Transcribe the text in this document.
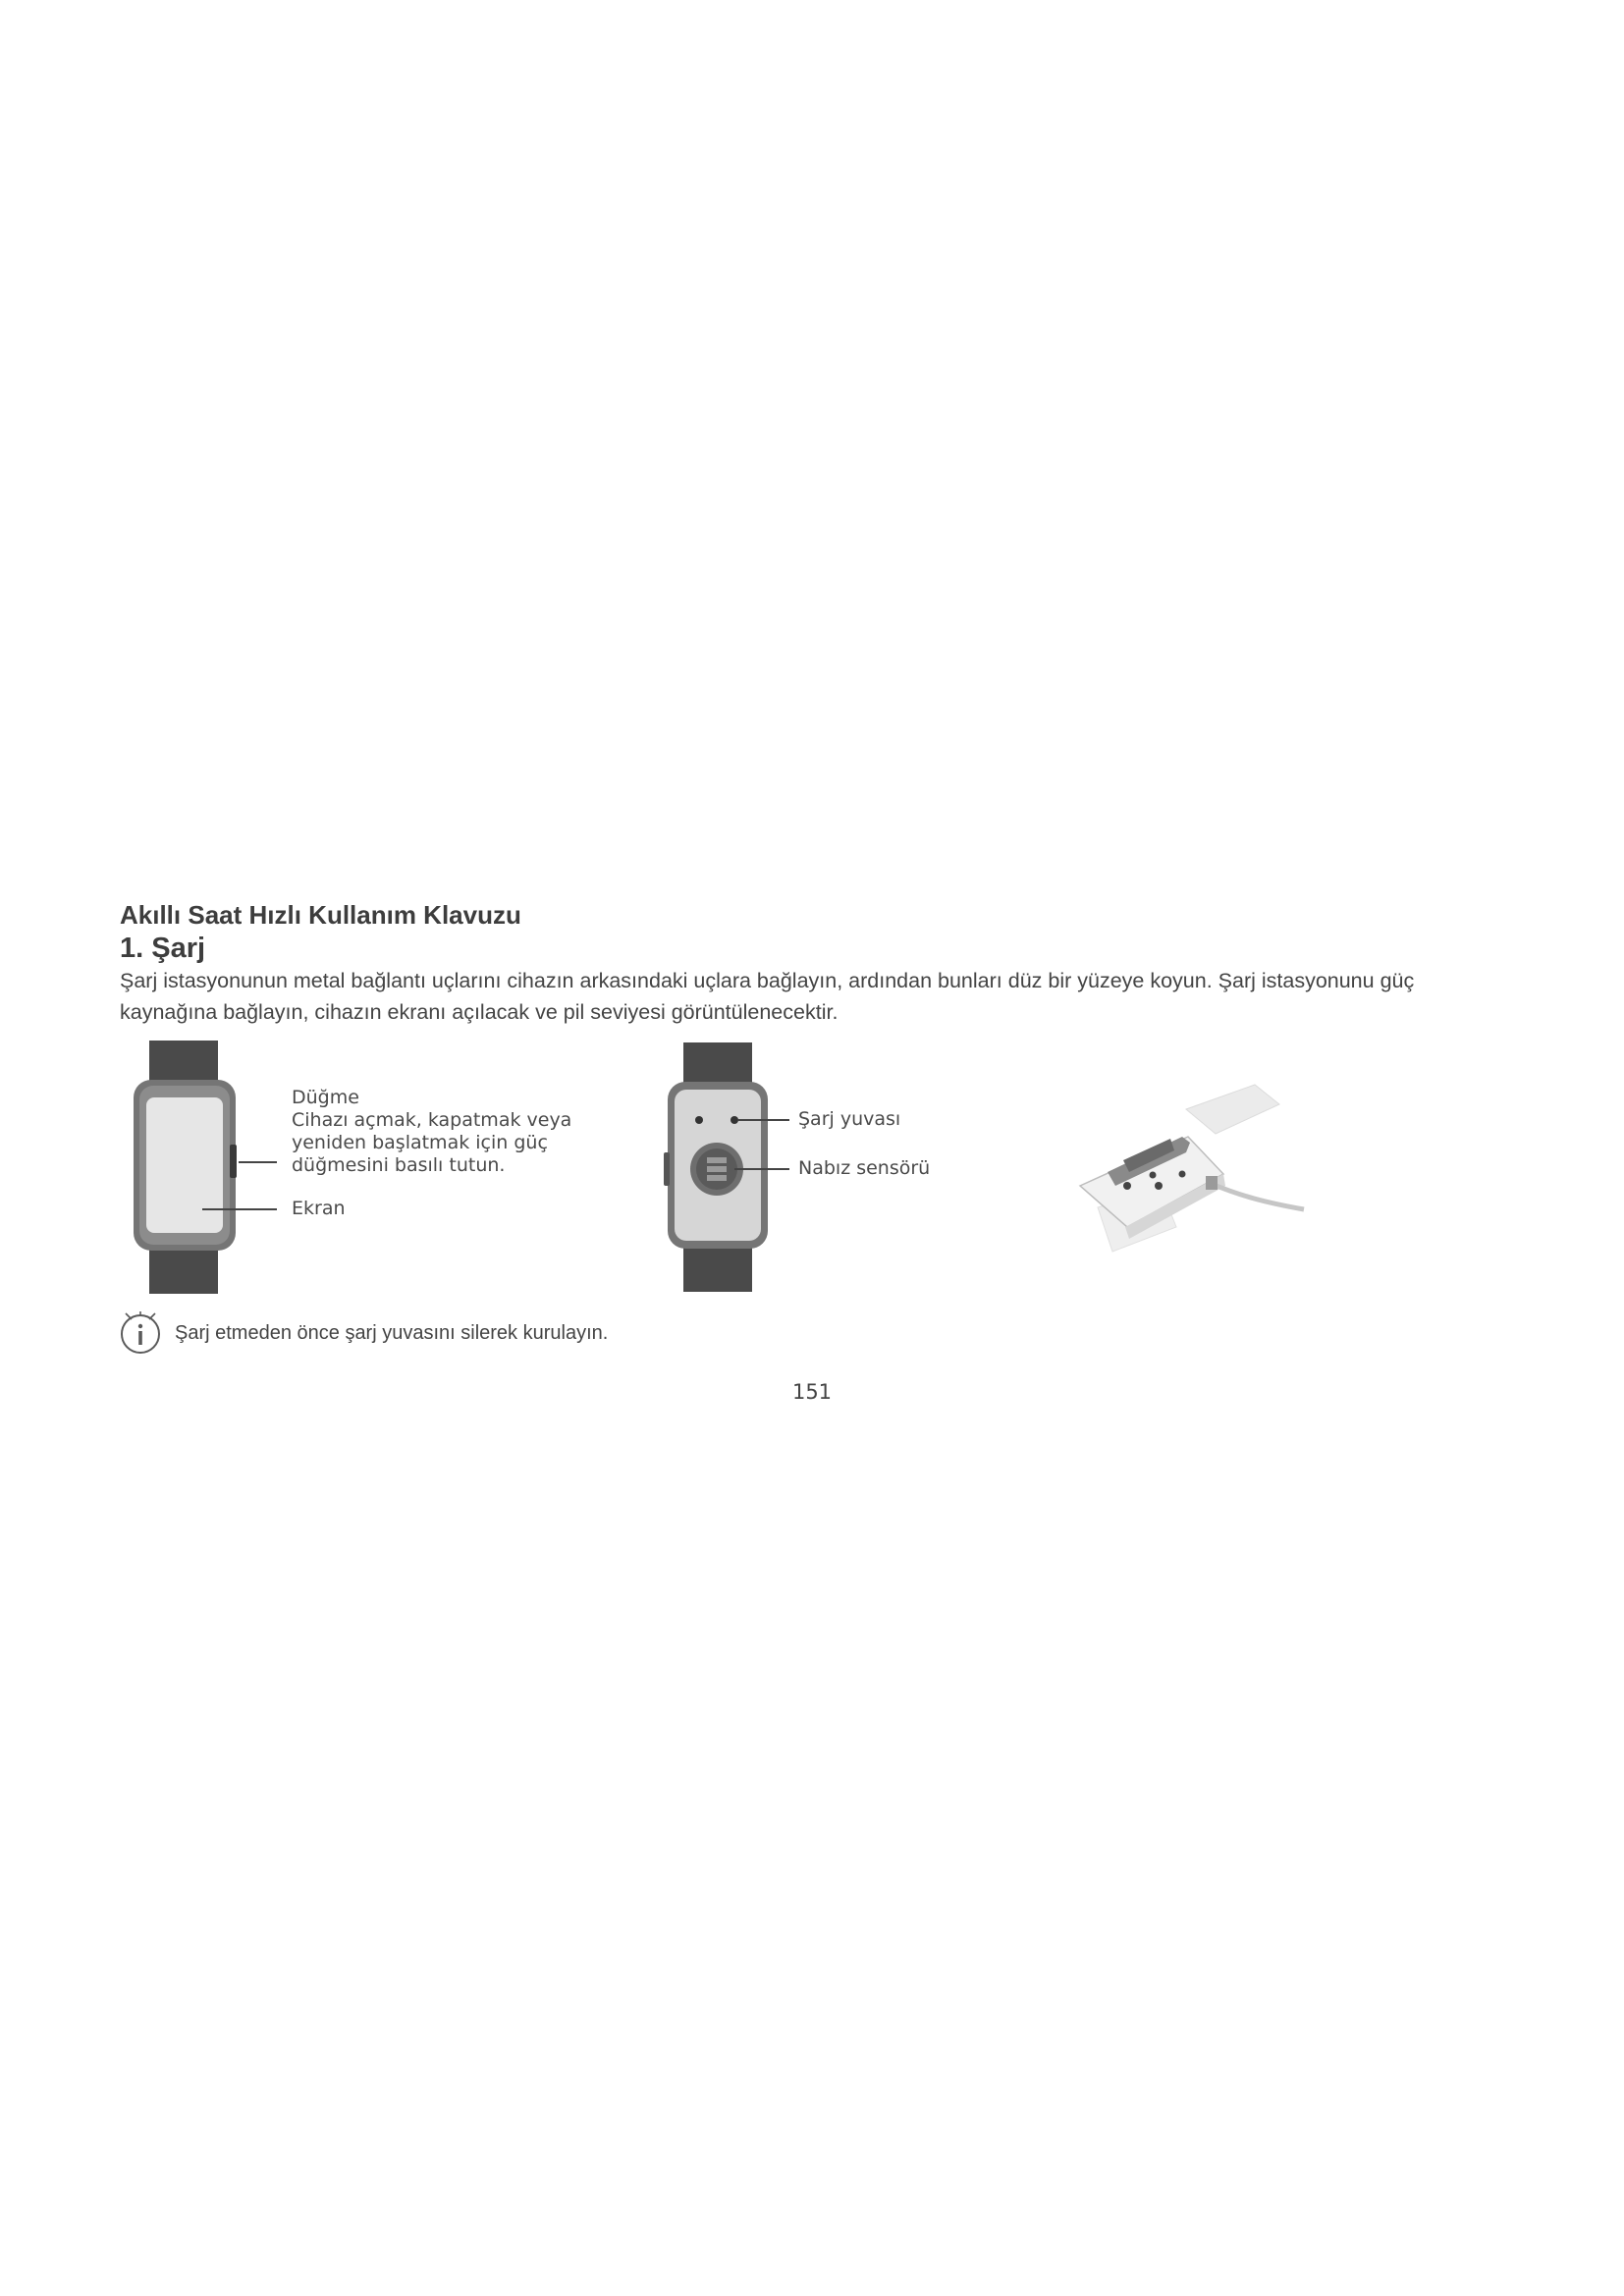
Akıllı Saat Hızlı Kullanım Klavuzu
1. Şarj

Şarj istasyonunun metal bağlantı uçlarını cihazın arkasındaki uçlara bağlayın, ardından bunları düz bir yüzeye koyun. Şarj istasyonunu güç kaynağına bağlayın, cihazın ekranı açılacak ve pil seviyesi görüntülenecektir.

Düğme
Cihazı açmak, kapatmak veya
yeniden başlatmak için güç
düğmesini basılı tutun.
Ekran
Şarj yuvası
Nabız sensörü
Şarj etmeden önce şarj yuvasını silerek kurulayın.
151
